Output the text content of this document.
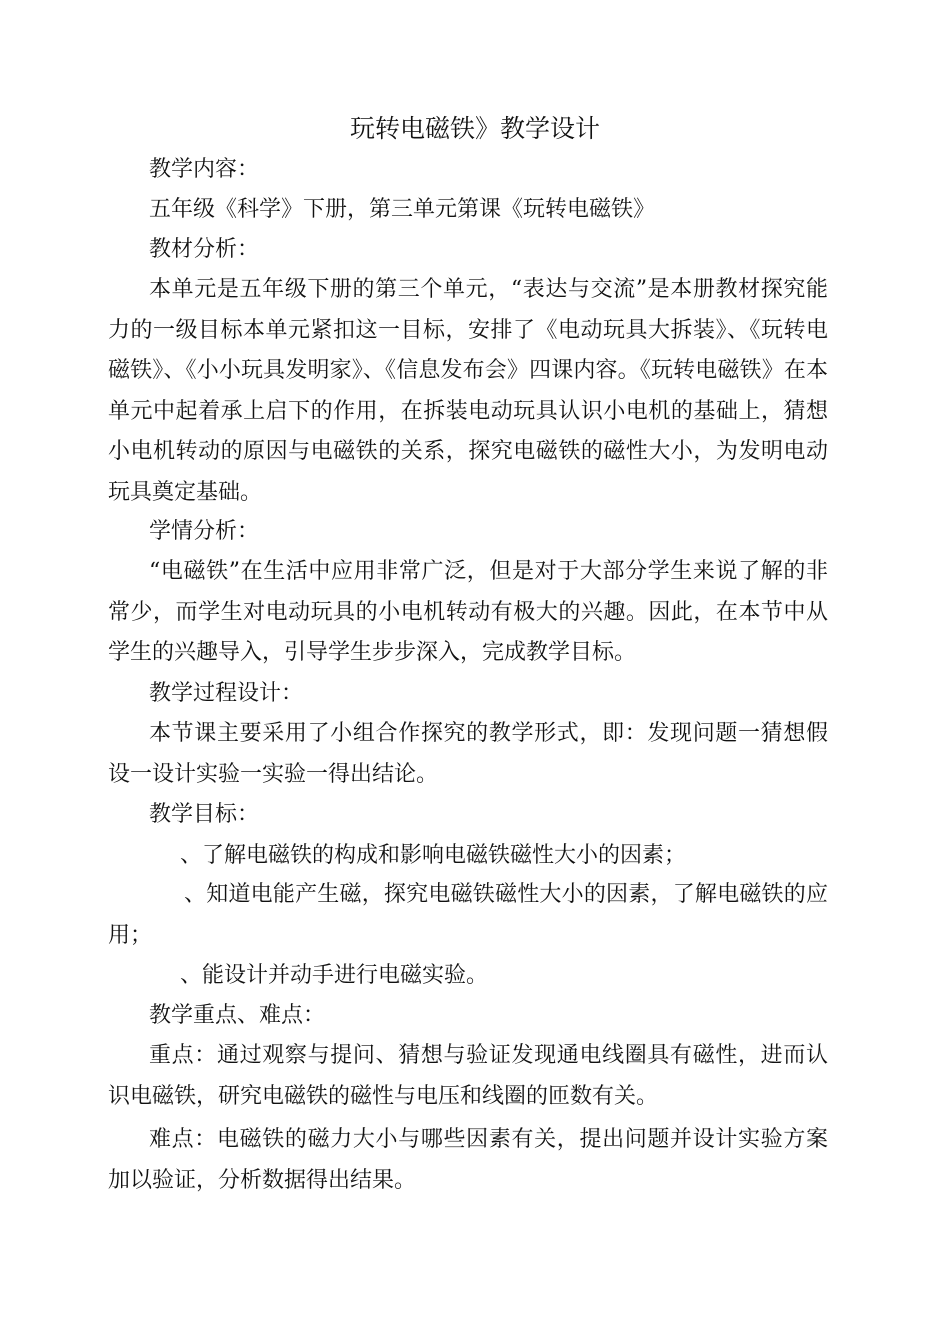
玩转电磁铁》教学设计
教学内容：
五年级《科学》下册，第三单元第课《玩转电磁铁》
教材分析：
本单元是五年级下册的第三个单元，“表达与交流”是本册教材探究能力的一级目标本单元紧扣这一目标，安排了《电动玩具大拆装》、《玩转电磁铁》、《小小玩具发明家》、《信息发布会》四课内容。《玩转电磁铁》在本单元中起着承上启下的作用，在拆装电动玩具认识小电机的基础上，猜想小电机转动的原因与电磁铁的关系，探究电磁铁的磁性大小，为发明电动玩具奠定基础。
学情分析：
“电磁铁”在生活中应用非常广泛，但是对于大部分学生来说了解的非常少，而学生对电动玩具的小电机转动有极大的兴趣。因此，在本节中从学生的兴趣导入，引导学生步步深入，完成教学目标。
教学过程设计：
本节课主要采用了小组合作探究的教学形式，即：发现问题一猜想假设一设计实验一实验一得出结论。
教学目标：
、了解电磁铁的构成和影响电磁铁磁性大小的因素；
、知道电能产生磁，探究电磁铁磁性大小的因素，了解电磁铁的应用；
、能设计并动手进行电磁实验。
教学重点、难点：
重点：通过观察与提问、猜想与验证发现通电线圈具有磁性，进而认识电磁铁，研究电磁铁的磁性与电压和线圈的匝数有关。
难点：电磁铁的磁力大小与哪些因素有关，提出问题并设计实验方案加以验证，分析数据得出结果。
